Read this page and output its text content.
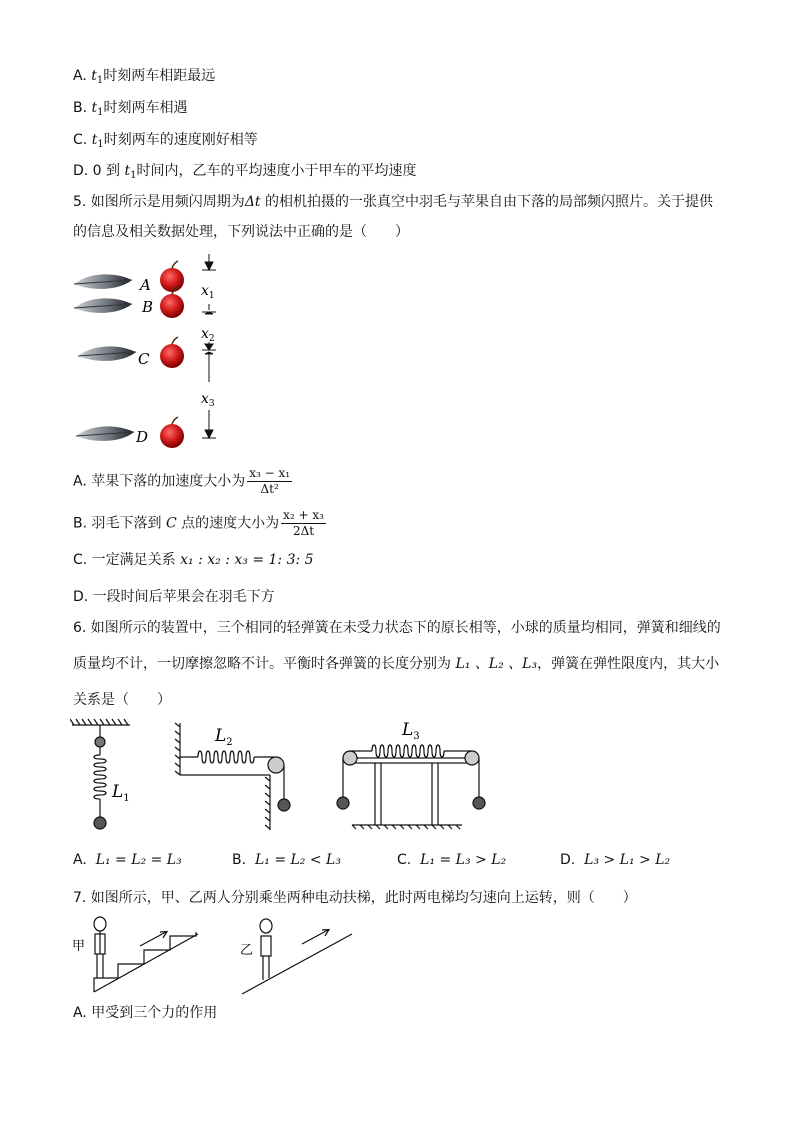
A. $t_1$时刻两车相距最远
B. $t_1$时刻两车相遇
C. $t_1$时刻两车的速度刚好相等
D. 0 到 $t_1$时间内，乙车的平均速度小于甲车的平均速度
5. 如图所示是用频闪周期为Δt 的相机拍摄的一张真空中羽毛与苹果自由下落的局部频闪照片。关于提供
的信息及相关数据处理，下列说法中正确的是（　　）
A
B
C
D
$x_1$
$x_2$
$x_3$
A. 苹果下落的加速度大小为 $\frac{\text{x₃ − x₁}}{\text{Δt²}}$
B. 羽毛下落到 C 点的速度大小为 $\frac{\text{x₂ + x₃}}{2\Delta t}$
C. 一定满足关系 x₁ : x₂ : x₃ = 1: 3: 5
D. 一段时间后苹果会在羽毛下方
6. 如图所示的装置中，三个相同的轻弹簧在未受力状态下的原长相等，小球的质量均相同，弹簧和细线的
质量均不计，一切摩擦忽略不计。平衡时各弹簧的长度分别为 L₁ 、L₂ 、L₃，弹簧在弹性限度内，其大小
关系是（　　）
$L_1$
$L_2$
$L_3$
A. L₁ = L₂ = L₃	B. L₁ = L₂ < L₃	C. L₁ = L₃ > L₂	D. L₃ > L₁ > L₂
7. 如图所示，甲、乙两人分别乘坐两种电动扶梯，此时两电梯均匀速向上运转，则（　　）
甲	乙
A. 甲受到三个力的作用
